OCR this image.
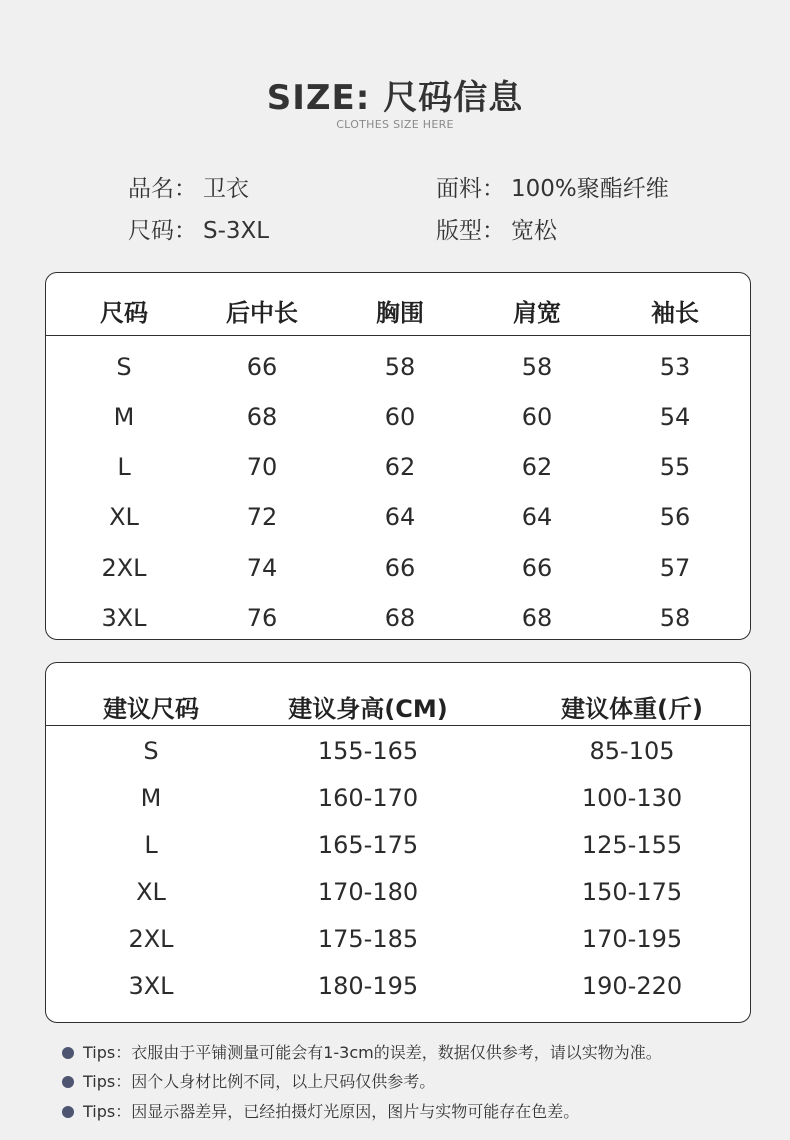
SIZE: 尺码信息
CLOTHES SIZE HERE
品名： 卫衣	面料： 100%聚酯纤维
尺码： S-3XL	版型： 宽松
尺码	后中长	胸围	肩宽	袖长
S	66	58	58	53
M	68	60	60	54
L	70	62	62	55
XL	72	64	64	56
2XL	74	66	66	57
3XL	76	68	68	58
建议尺码	建议身高(CM)	建议体重(斤)
S	155-165	85-105
M	160-170	100-130
L	165-175	125-155
XL	170-180	150-175
2XL	175-185	170-195
3XL	180-195	190-220
Tips：衣服由于平铺测量可能会有1-3cm的误差，数据仅供参考，请以实物为准。
Tips：因个人身材比例不同，以上尺码仅供参考。
Tips：因显示器差异，已经拍摄灯光原因，图片与实物可能存在色差。
